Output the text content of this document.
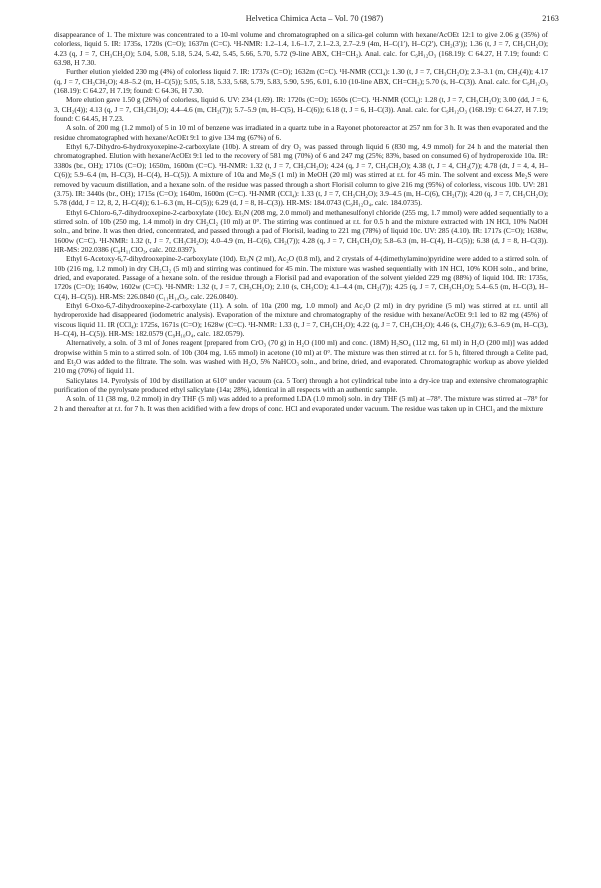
Helvetica Chimica Acta – Vol. 70 (1987)	2163

disappearance of 1. The mixture was concentrated to a 10-ml volume and chromatographed on a silica-gel column with hexane/AcOEt 12:1 to give 2.06 g (35%) of colorless, liquid 5. IR: 1735s, 1720s (C=O); 1637m (C=C). ¹H-NMR: 1.2–1.4, 1.6–1.7, 2.1–2.3, 2.7–2.9 (4m, H–C(1′), H–C(2′), CH₂(3′)); 1.36 (t, J = 7, CH₃CH₂O); 4.23 (q, J = 7, CH₃CH₂O); 5.04, 5.08, 5.18, 5.24, 5.42, 5.45, 5.66, 5.70, 5.72 (9-line ABX, CH=CH₂). Anal. calc. for C₉H₁₂O₃ (168.19): C 64.27, H 7.19; found: C 63.98, H 7.30.

Further elution yielded 230 mg (4%) of colorless liquid 7. IR: 1737s (C=O); 1632m (C=C). ¹H-NMR (CCl₄): 1.30 (t, J = 7, CH₃CH₂O); 2.3–3.1 (m, CH₂(4)); 4.17 (q, J = 7, CH₃CH₂O); 4.8–5.2 (m, H–C(5)); 5.05, 5.18, 5.33, 5.68, 5.79, 5.83, 5.90, 5.95, 6.01, 6.10 (10-line ABX, CH=CH₂); 5.70 (s, H–C(3)). Anal. calc. for C₉H₁₂O₃ (168.19): C 64.27, H 7.19; found: C 64.36, H 7.30.

More elution gave 1.50 g (26%) of colorless, liquid 6. UV: 234 (1.69). IR: 1720s (C=O); 1650s (C=C). ¹H-NMR (CCl₄): 1.28 (t, J = 7, CH₃CH₂O); 3.00 (dd, J = 6, 3, CH₂(4)); 4.13 (q, J = 7, CH₃CH₂O); 4.4–4.6 (m, CH₂(7)); 5.7–5.9 (m, H–C(5), H–C(6)); 6.18 (t, J = 6, H–C(3)). Anal. calc. for C₉H₁₂O₃ (168.19): C 64.27, H 7.19; found: C 64.45, H 7.23.

A soln. of 200 mg (1.2 mmol) of 5 in 10 ml of benzene was irradiated in a quartz tube in a Rayonet photoreactor at 257 nm for 3 h. It was then evaporated and the residue chromatographed with hexane/AcOEt 9:1 to give 134 mg (67%) of 6.

Ethyl 6,7-Dihydro-6-hydroxyoxepine-2-carboxylate (10b). A stream of dry O₂ was passed through liquid 6 (830 mg, 4.9 mmol) for 24 h and the material then chromatographed. Elution with hexane/AcOEt 9:1 led to the recovery of 581 mg (70%) of 6 and 247 mg (25%; 83%, based on consumed 6) of hydroperoxide 10a. IR: 3380s (br., OH); 1710s (C=O); 1650m, 1600m (C=C). ¹H-NMR: 1.32 (t, J = 7, CH₃CH₂O); 4.24 (q, J = 7, CH₃CH₂O); 4.38 (t, J = 4, CH₂(7)); 4.78 (dt, J = 4, 4, H–C(6)); 5.9–6.4 (m, H–C(3), H–C(4), H–C(5)). A mixture of 10a and Me₂S (1 ml) in MeOH (20 ml) was stirred at r.t. for 45 min. The solvent and excess Me₂S were removed by vacuum distillation, and a hexane soln. of the residue was passed through a short Florisil column to give 216 mg (95%) of colorless, viscous 10b. UV: 281 (3.75). IR: 3440s (br., OH); 1715s (C=O); 1640m, 1600m (C=C). ¹H-NMR (CCl₄): 1.33 (t, J = 7, CH₃CH₂O); 3.9–4.5 (m, H–C(6), CH₂(7)); 4.20 (q, J = 7, CH₃CH₂O); 5.78 (ddd, J = 12, 8, 2, H–C(4)); 6.1–6.3 (m, H–C(5)); 6.29 (d, J = 8, H–C(3)). HR-MS: 184.0743 (C₉H₁₂O₄, calc. 184.0735).

Ethyl 6-Chloro-6,7-dihydrooxepine-2-carboxylate (10c). Et₃N (208 mg, 2.0 mmol) and methanesulfonyl chloride (255 mg, 1.7 mmol) were added sequentially to a stirred soln. of 10b (250 mg, 1.4 mmol) in dry CH₂Cl₂ (10 ml) at 0°. The stirring was continued at r.t. for 0.5 h and the mixture extracted with 1N HCl, 10% NaOH soln., and brine. It was then dried, concentrated, and passed through a pad of Florisil, leading to 221 mg (78%) of liquid 10c. UV: 285 (4.10). IR: 1717s (C=O); 1638w, 1600w (C=C). ¹H-NMR: 1.32 (t, J = 7, CH₃CH₂O); 4.0–4.9 (m, H–C(6), CH₂(7)); 4.28 (q, J = 7, CH₃CH₂O); 5.8–6.3 (m, H–C(4), H–C(5)); 6.38 (d, J = 8, H–C(3)). HR-MS: 202.0386 (C₉H₁₁ClO₃, calc. 202.0397).

Ethyl 6-Acetoxy-6,7-dihydrooxepine-2-carboxylate (10d). Et₃N (2 ml), Ac₂O (0.8 ml), and 2 crystals of 4-(dimethylamino)pyridine were added to a stirred soln. of 10b (216 mg, 1.2 mmol) in dry CH₂Cl₂ (5 ml) and stirring was continued for 45 min. The mixture was washed sequentially with 1N HCl, 10% KOH soln., and brine, dried, and evaporated. Passage of a hexane soln. of the residue through a Florisil pad and evaporation of the solvent yielded 229 mg (88%) of liquid 10d. IR: 1735s, 1720s (C=O); 1640w, 1602w (C=C). ¹H-NMR: 1.32 (t, J = 7, CH₃CH₂O); 2.10 (s, CH₃CO); 4.1–4.4 (m, CH₂(7)); 4.25 (q, J = 7, CH₃CH₂O); 5.4–6.5 (m, H–C(3), H–C(4), H–C(5)). HR-MS: 226.0840 (C₁₁H₁₄O₅, calc. 226.0840).

Ethyl 6-Oxo-6,7-dihydrooxepine-2-carboxylate (11). A soln. of 10a (200 mg, 1.0 mmol) and Ac₂O (2 ml) in dry pyridine (5 ml) was stirred at r.t. until all hydroperoxide had disappeared (iodometric analysis). Evaporation of the mixture and chromatography of the residue with hexane/AcOEt 9:1 led to 82 mg (45%) of viscous liquid 11. IR (CCl₄): 1725s, 1671s (C=O); 1628w (C=C). ¹H-NMR: 1.33 (t, J = 7, CH₃CH₂O); 4.22 (q, J = 7, CH₃CH₂O); 4.46 (s, CH₂(7)); 6.3–6.9 (m, H–C(3), H–C(4), H–C(5)). HR-MS: 182.0579 (C₉H₁₀O₄, calc. 182.0579).

Alternatively, a soln. of 3 ml of Jones reagent [prepared from CrO₃ (70 g) in H₂O (100 ml) and conc. (18M) H₂SO₄ (112 mg, 61 ml) in H₂O (200 ml)] was added dropwise within 5 min to a stirred soln. of 10b (304 mg, 1.65 mmol) in acetone (10 ml) at 0°. The mixture was then stirred at r.t. for 5 h, filtered through a Celite pad, and Et₂O was added to the filtrate. The soln. was washed with H₂O, 5% NaHCO₃ soln., and brine, dried, and evaporated. Chromatographic workup as above yielded 210 mg (70%) of liquid 11.

Salicylates 14. Pyrolysis of 10d by distillation at 610° under vacuum (ca. 5 Torr) through a hot cylindrical tube into a dry-ice trap and extensive chromatographic purification of the pyrolysate produced ethyl salicylate (14a; 28%), identical in all respects with an authentic sample.

A soln. of 11 (38 mg, 0.2 mmol) in dry THF (5 ml) was added to a preformed LDA (1.0 mmol) soln. in dry THF (5 ml) at –78°. The mixture was stirred at –78° for 2 h and thereafter at r.t. for 7 h. It was then acidified with a few drops of conc. HCl and evaporated under vacuum. The residue was taken up in CHCl₃ and the mixture
